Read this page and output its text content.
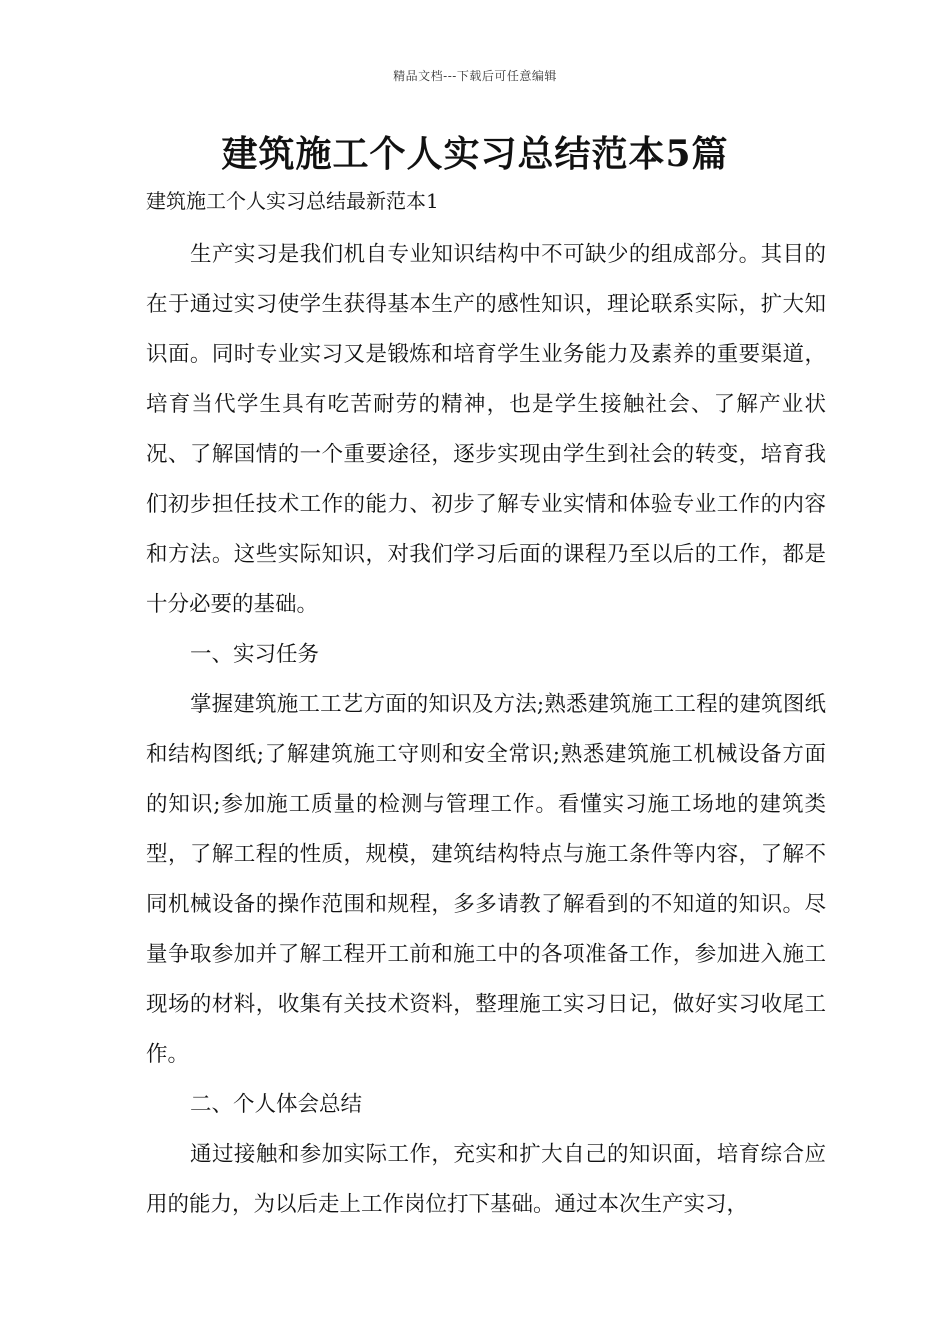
精品文档---下载后可任意编辑
建筑施工个人实习总结范本5篇

建筑施工个人实习总结最新范本1

生产实习是我们机自专业知识结构中不可缺少的组成部分。其目的在于通过实习使学生获得基本生产的感性知识，理论联系实际，扩大知识面。同时专业实习又是锻炼和培育学生业务能力及素养的重要渠道，培育当代学生具有吃苦耐劳的精神，也是学生接触社会、了解产业状况、了解国情的一个重要途径，逐步实现由学生到社会的转变，培育我们初步担任技术工作的能力、初步了解专业实情和体验专业工作的内容和方法。这些实际知识，对我们学习后面的课程乃至以后的工作，都是十分必要的基础。

一、实习任务

掌握建筑施工工艺方面的知识及方法;熟悉建筑施工工程的建筑图纸和结构图纸;了解建筑施工守则和安全常识;熟悉建筑施工机械设备方面的知识;参加施工质量的检测与管理工作。看懂实习施工场地的建筑类型，了解工程的性质，规模，建筑结构特点与施工条件等内容，了解不同机械设备的操作范围和规程，多多请教了解看到的不知道的知识。尽量争取参加并了解工程开工前和施工中的各项准备工作，参加进入施工现场的材料，收集有关技术资料，整理施工实习日记，做好实习收尾工作。

二、个人体会总结

通过接触和参加实际工作，充实和扩大自己的知识面，培育综合应用的能力，为以后走上工作岗位打下基础。通过本次生产实习，
